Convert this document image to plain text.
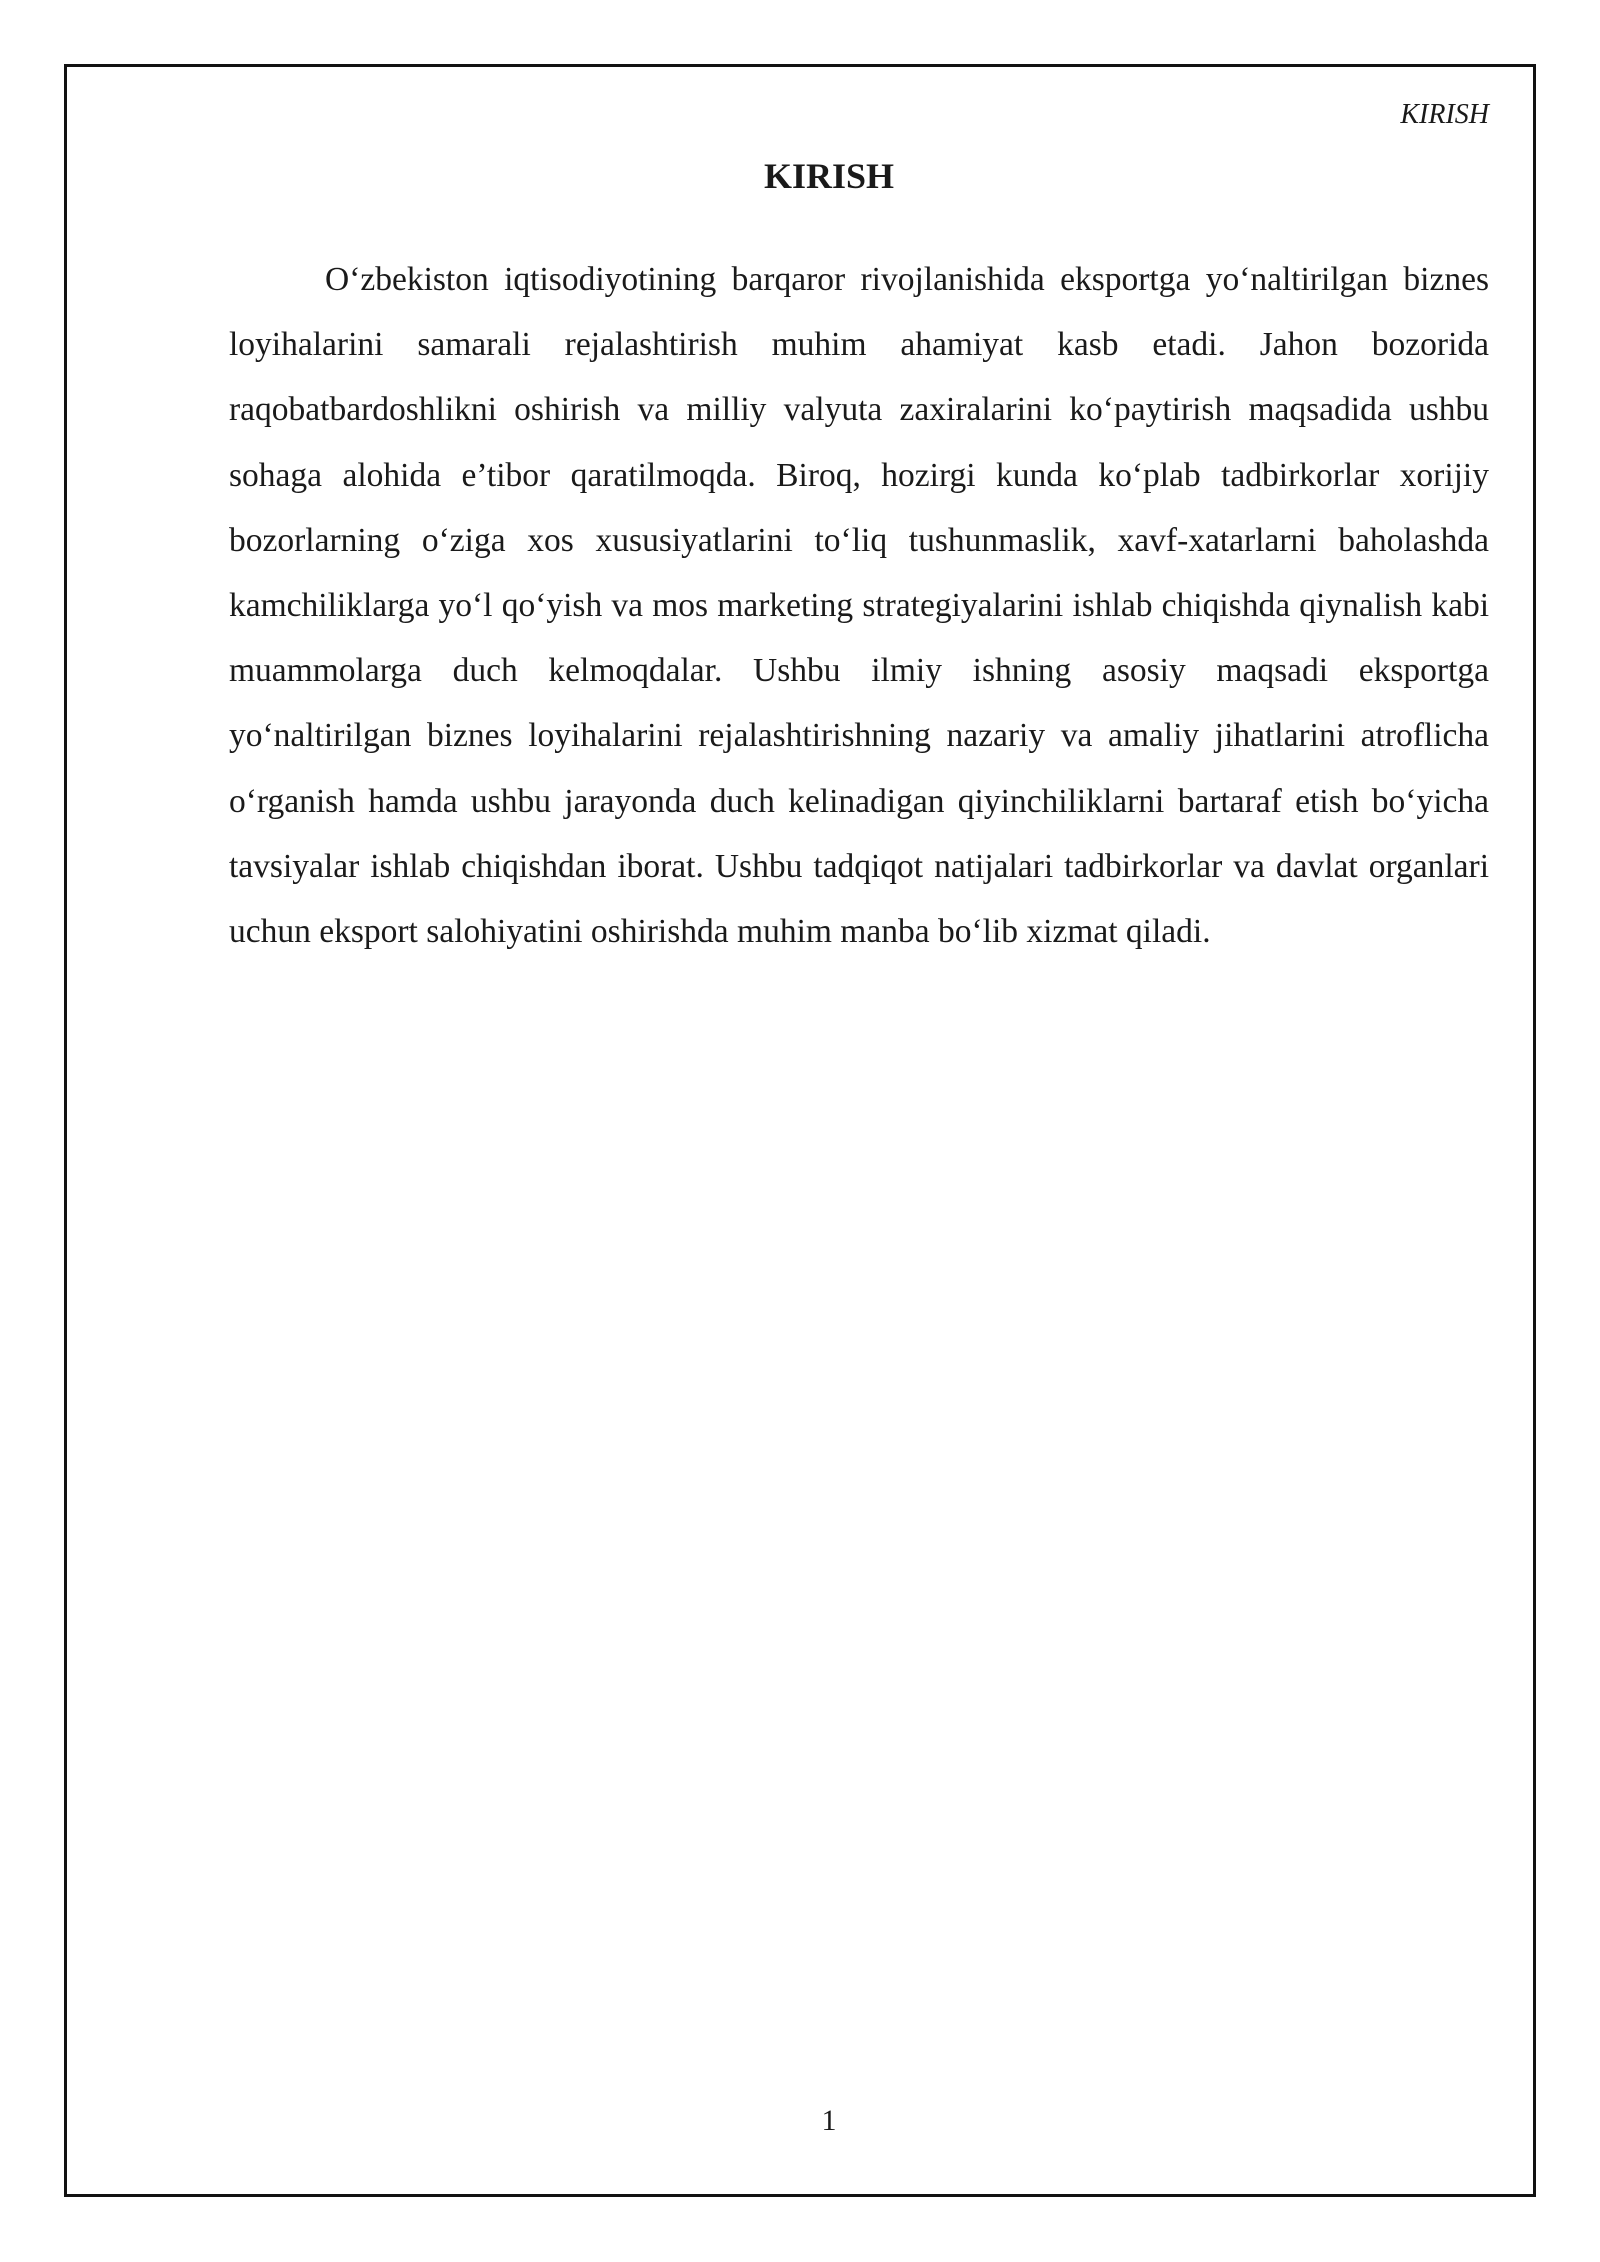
KIRISH

KIRISH

O‘zbekiston iqtisodiyotining barqaror rivojlanishida eksportga yo‘naltirilgan biznes loyihalarini samarali rejalashtirish muhim ahamiyat kasb etadi. Jahon bozorida raqobatbardoshlikni oshirish va milliy valyuta zaxiralarini ko‘paytirish maqsadida ushbu sohaga alohida e’tibor qaratilmoqda. Biroq, hozirgi kunda ko‘plab tadbirkorlar xorijiy bozorlarning o‘ziga xos xususiyatlarini to‘liq tushunmaslik, xavf-xatarlarni baholashda kamchiliklarga yo‘l qo‘yish va mos marketing strategiyalarini ishlab chiqishda qiynalish kabi muammolarga duch kelmoqdalar. Ushbu ilmiy ishning asosiy maqsadi eksportga yo‘naltirilgan biznes loyihalarini rejalashtirishning nazariy va amaliy jihatlarini atroflicha o‘rganish hamda ushbu jarayonda duch kelinadigan qiyinchiliklarni bartaraf etish bo‘yicha tavsiyalar ishlab chiqishdan iborat. Ushbu tadqiqot natijalari tadbirkorlar va davlat organlari uchun eksport salohiyatini oshirishda muhim manba bo‘lib xizmat qiladi.

1
